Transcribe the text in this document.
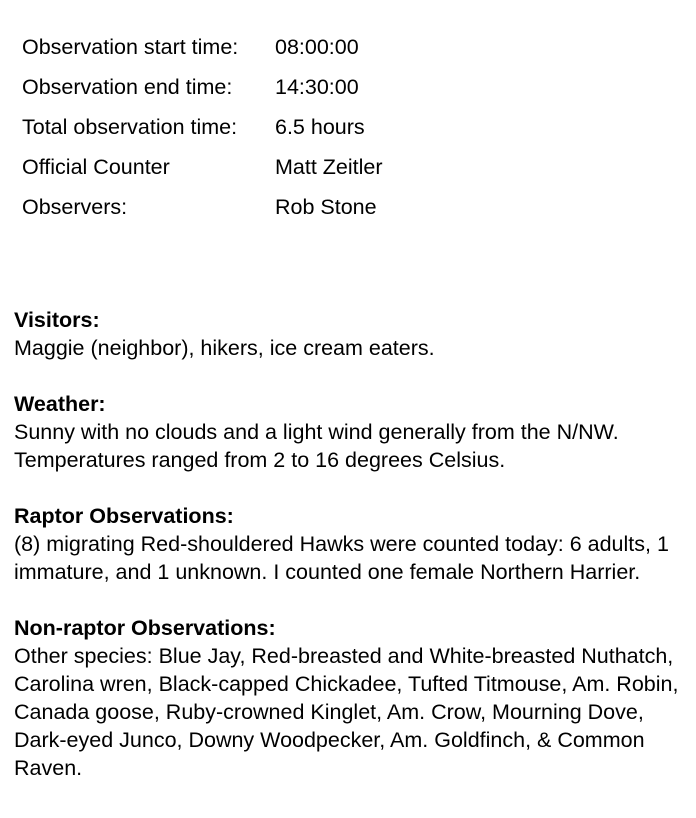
Observation start time:	08:00:00
Observation end time:	14:30:00
Total observation time:	6.5 hours
Official Counter	Matt Zeitler
Observers:	Rob Stone
Visitors:
Maggie (neighbor), hikers, ice cream eaters.
Weather:
Sunny with no clouds and a light wind generally from the N/NW. Temperatures ranged from 2 to 16 degrees Celsius.
Raptor Observations:
(8) migrating Red-shouldered Hawks were counted today: 6 adults, 1 immature, and 1 unknown. I counted one female Northern Harrier.
Non-raptor Observations:
Other species: Blue Jay, Red-breasted and White-breasted Nuthatch, Carolina wren, Black-capped Chickadee, Tufted Titmouse, Am. Robin, Canada goose, Ruby-crowned Kinglet, Am. Crow, Mourning Dove, Dark-eyed Junco, Downy Woodpecker, Am. Goldfinch, & Common Raven.
